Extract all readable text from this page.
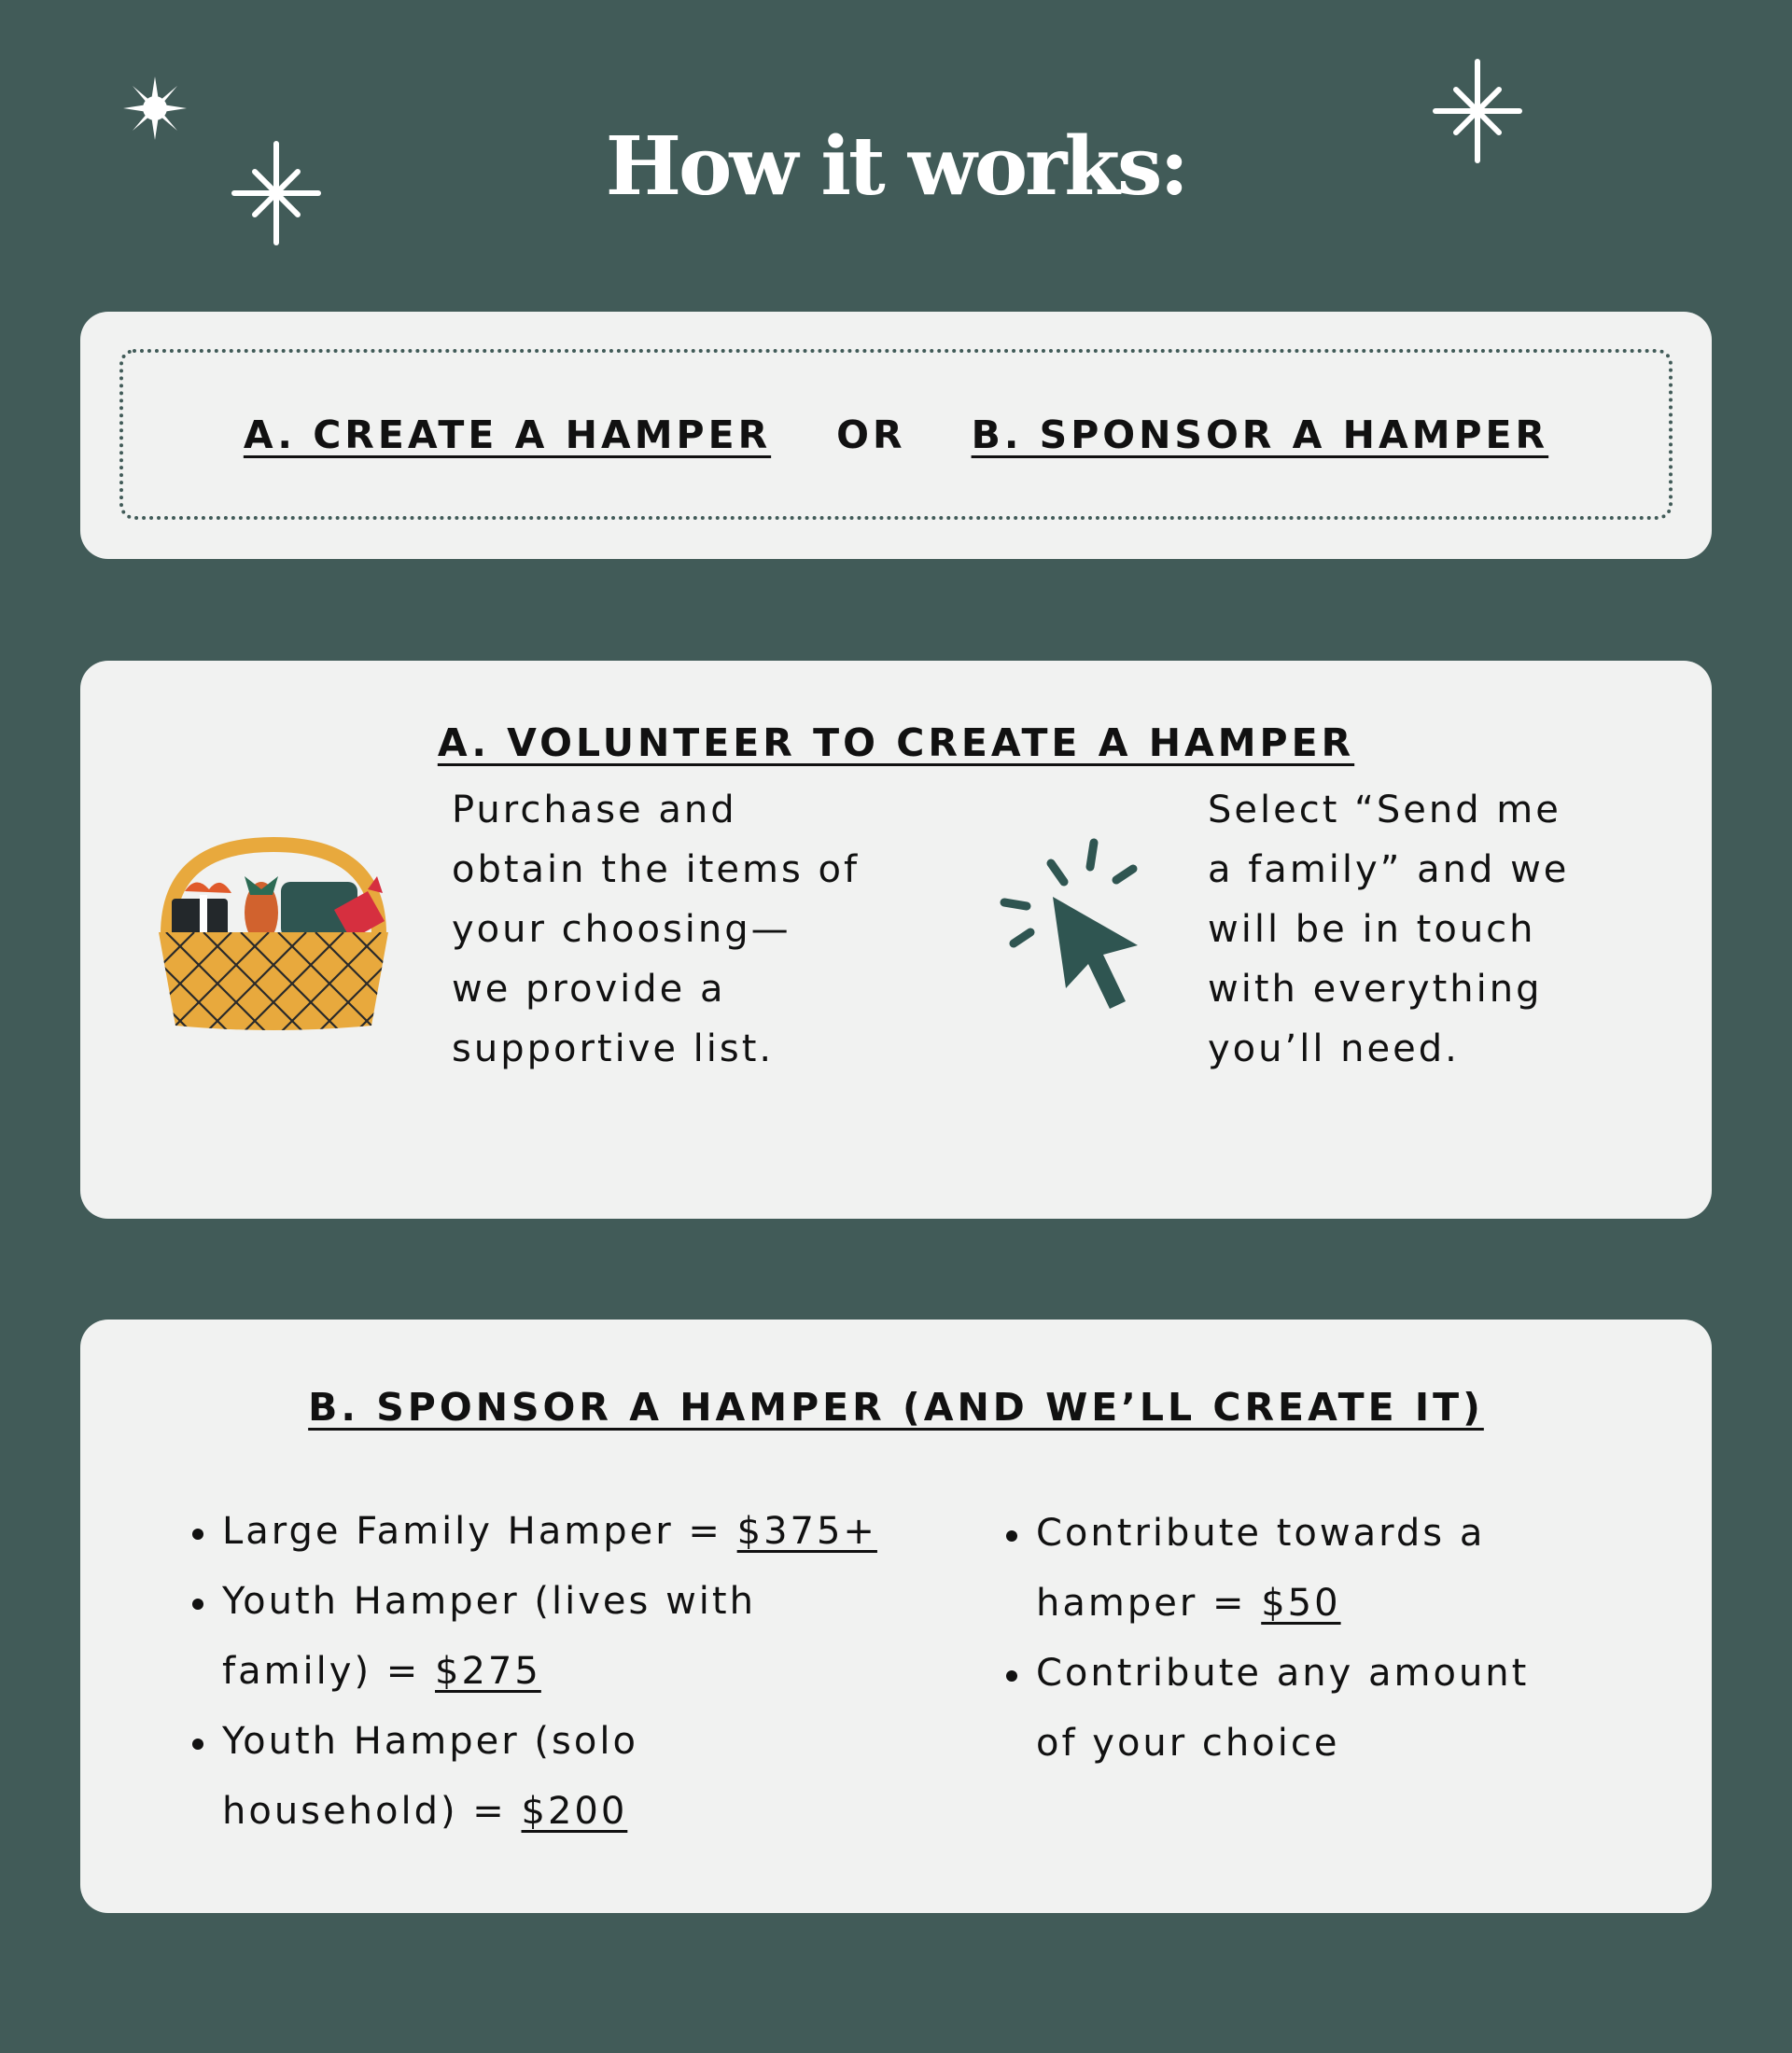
How it works:
A. CREATE A HAMPER OR B. SPONSOR A HAMPER
A. VOLUNTEER TO CREATE A HAMPER
Purchase and
obtain the items of
your choosing—
we provide a
supportive list.
Select “Send me
a family” and we
will be in touch
with everything
you’ll need.
B. SPONSOR A HAMPER (AND WE’LL CREATE IT)
Large Family Hamper = $375+
Youth Hamper (lives with
family) = $275
Youth Hamper (solo
household) = $200
Contribute towards a
hamper = $50
Contribute any amount
of your choice
